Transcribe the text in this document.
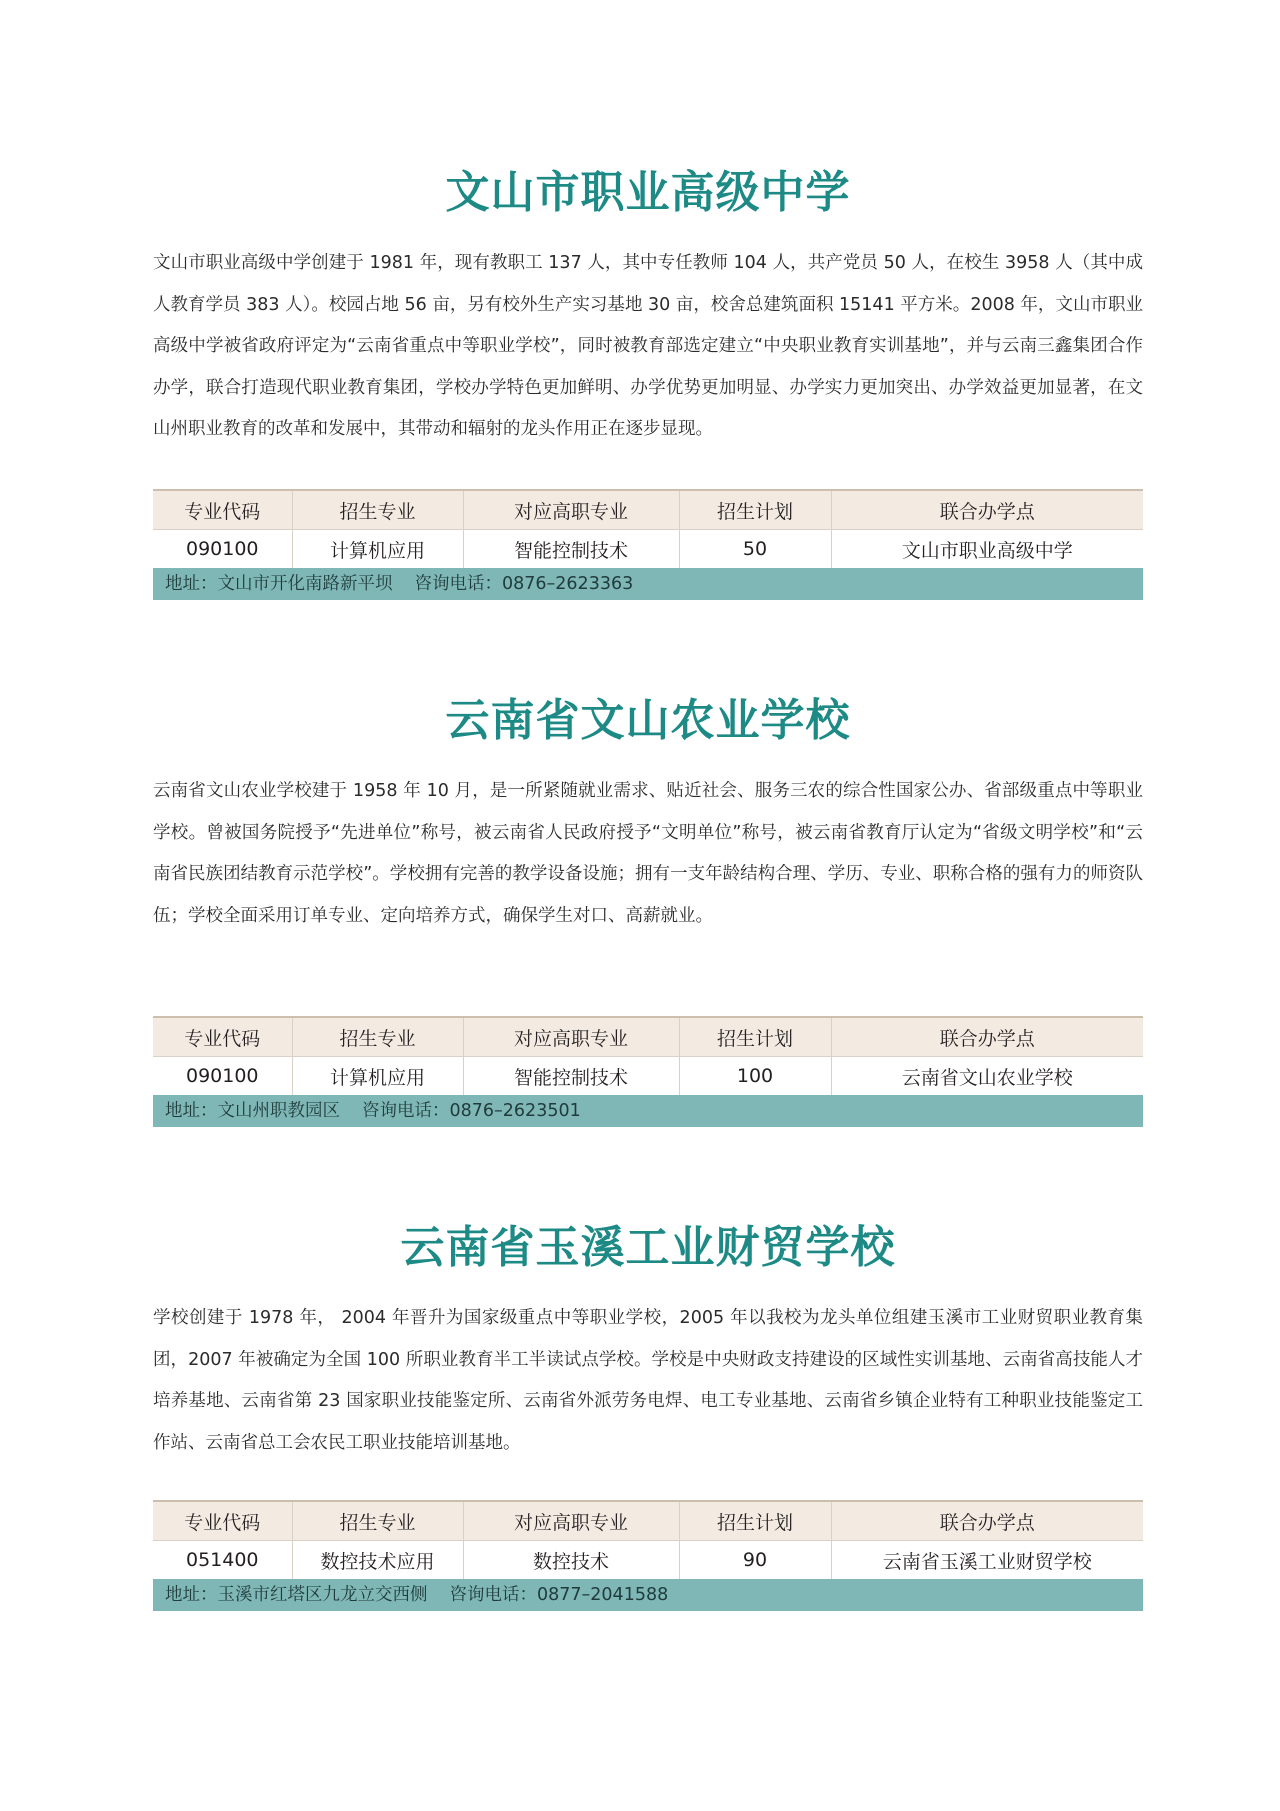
文山市职业高级中学

文山市职业高级中学创建于 1981 年，现有教职工 137 人，其中专任教师 104 人，共产党员 50 人，在校生 3958 人（其中成人教育学员 383 人）。校园占地 56 亩，另有校外生产实习基地 30 亩，校舍总建筑面积 15141 平方米。2008 年，文山市职业高级中学被省政府评定为“云南省重点中等职业学校”，同时被教育部选定建立“中央职业教育实训基地”，并与云南三鑫集团合作办学，联合打造现代职业教育集团，学校办学特色更加鲜明、办学优势更加明显、办学实力更加突出、办学效益更加显著，在文山州职业教育的改革和发展中，其带动和辐射的龙头作用正在逐步显现。

专业代码	招生专业	对应高职专业	招生计划	联合办学点
090100	计算机应用	智能控制技术	50	文山市职业高级中学
地址：文山市开化南路新平坝 咨询电话：0876–2623363
云南省文山农业学校

云南省文山农业学校建于 1958 年 10 月，是一所紧随就业需求、贴近社会、服务三农的综合性国家公办、省部级重点中等职业学校。曾被国务院授予“先进单位”称号，被云南省人民政府授予“文明单位”称号，被云南省教育厅认定为“省级文明学校”和“云南省民族团结教育示范学校”。学校拥有完善的教学设备设施；拥有一支年龄结构合理、学历、专业、职称合格的强有力的师资队伍；学校全面采用订单专业、定向培养方式，确保学生对口、高薪就业。

专业代码	招生专业	对应高职专业	招生计划	联合办学点
090100	计算机应用	智能控制技术	100	云南省文山农业学校
地址：文山州职教园区 咨询电话：0876–2623501
云南省玉溪工业财贸学校

学校创建于 1978 年， 2004 年晋升为国家级重点中等职业学校，2005 年以我校为龙头单位组建玉溪市工业财贸职业教育集团，2007 年被确定为全国 100 所职业教育半工半读试点学校。学校是中央财政支持建设的区域性实训基地、云南省高技能人才培养基地、云南省第 23 国家职业技能鉴定所、云南省外派劳务电焊、电工专业基地、云南省乡镇企业特有工种职业技能鉴定工作站、云南省总工会农民工职业技能培训基地。

专业代码	招生专业	对应高职专业	招生计划	联合办学点
051400	数控技术应用	数控技术	90	云南省玉溪工业财贸学校
地址：玉溪市红塔区九龙立交西侧 咨询电话：0877–2041588
